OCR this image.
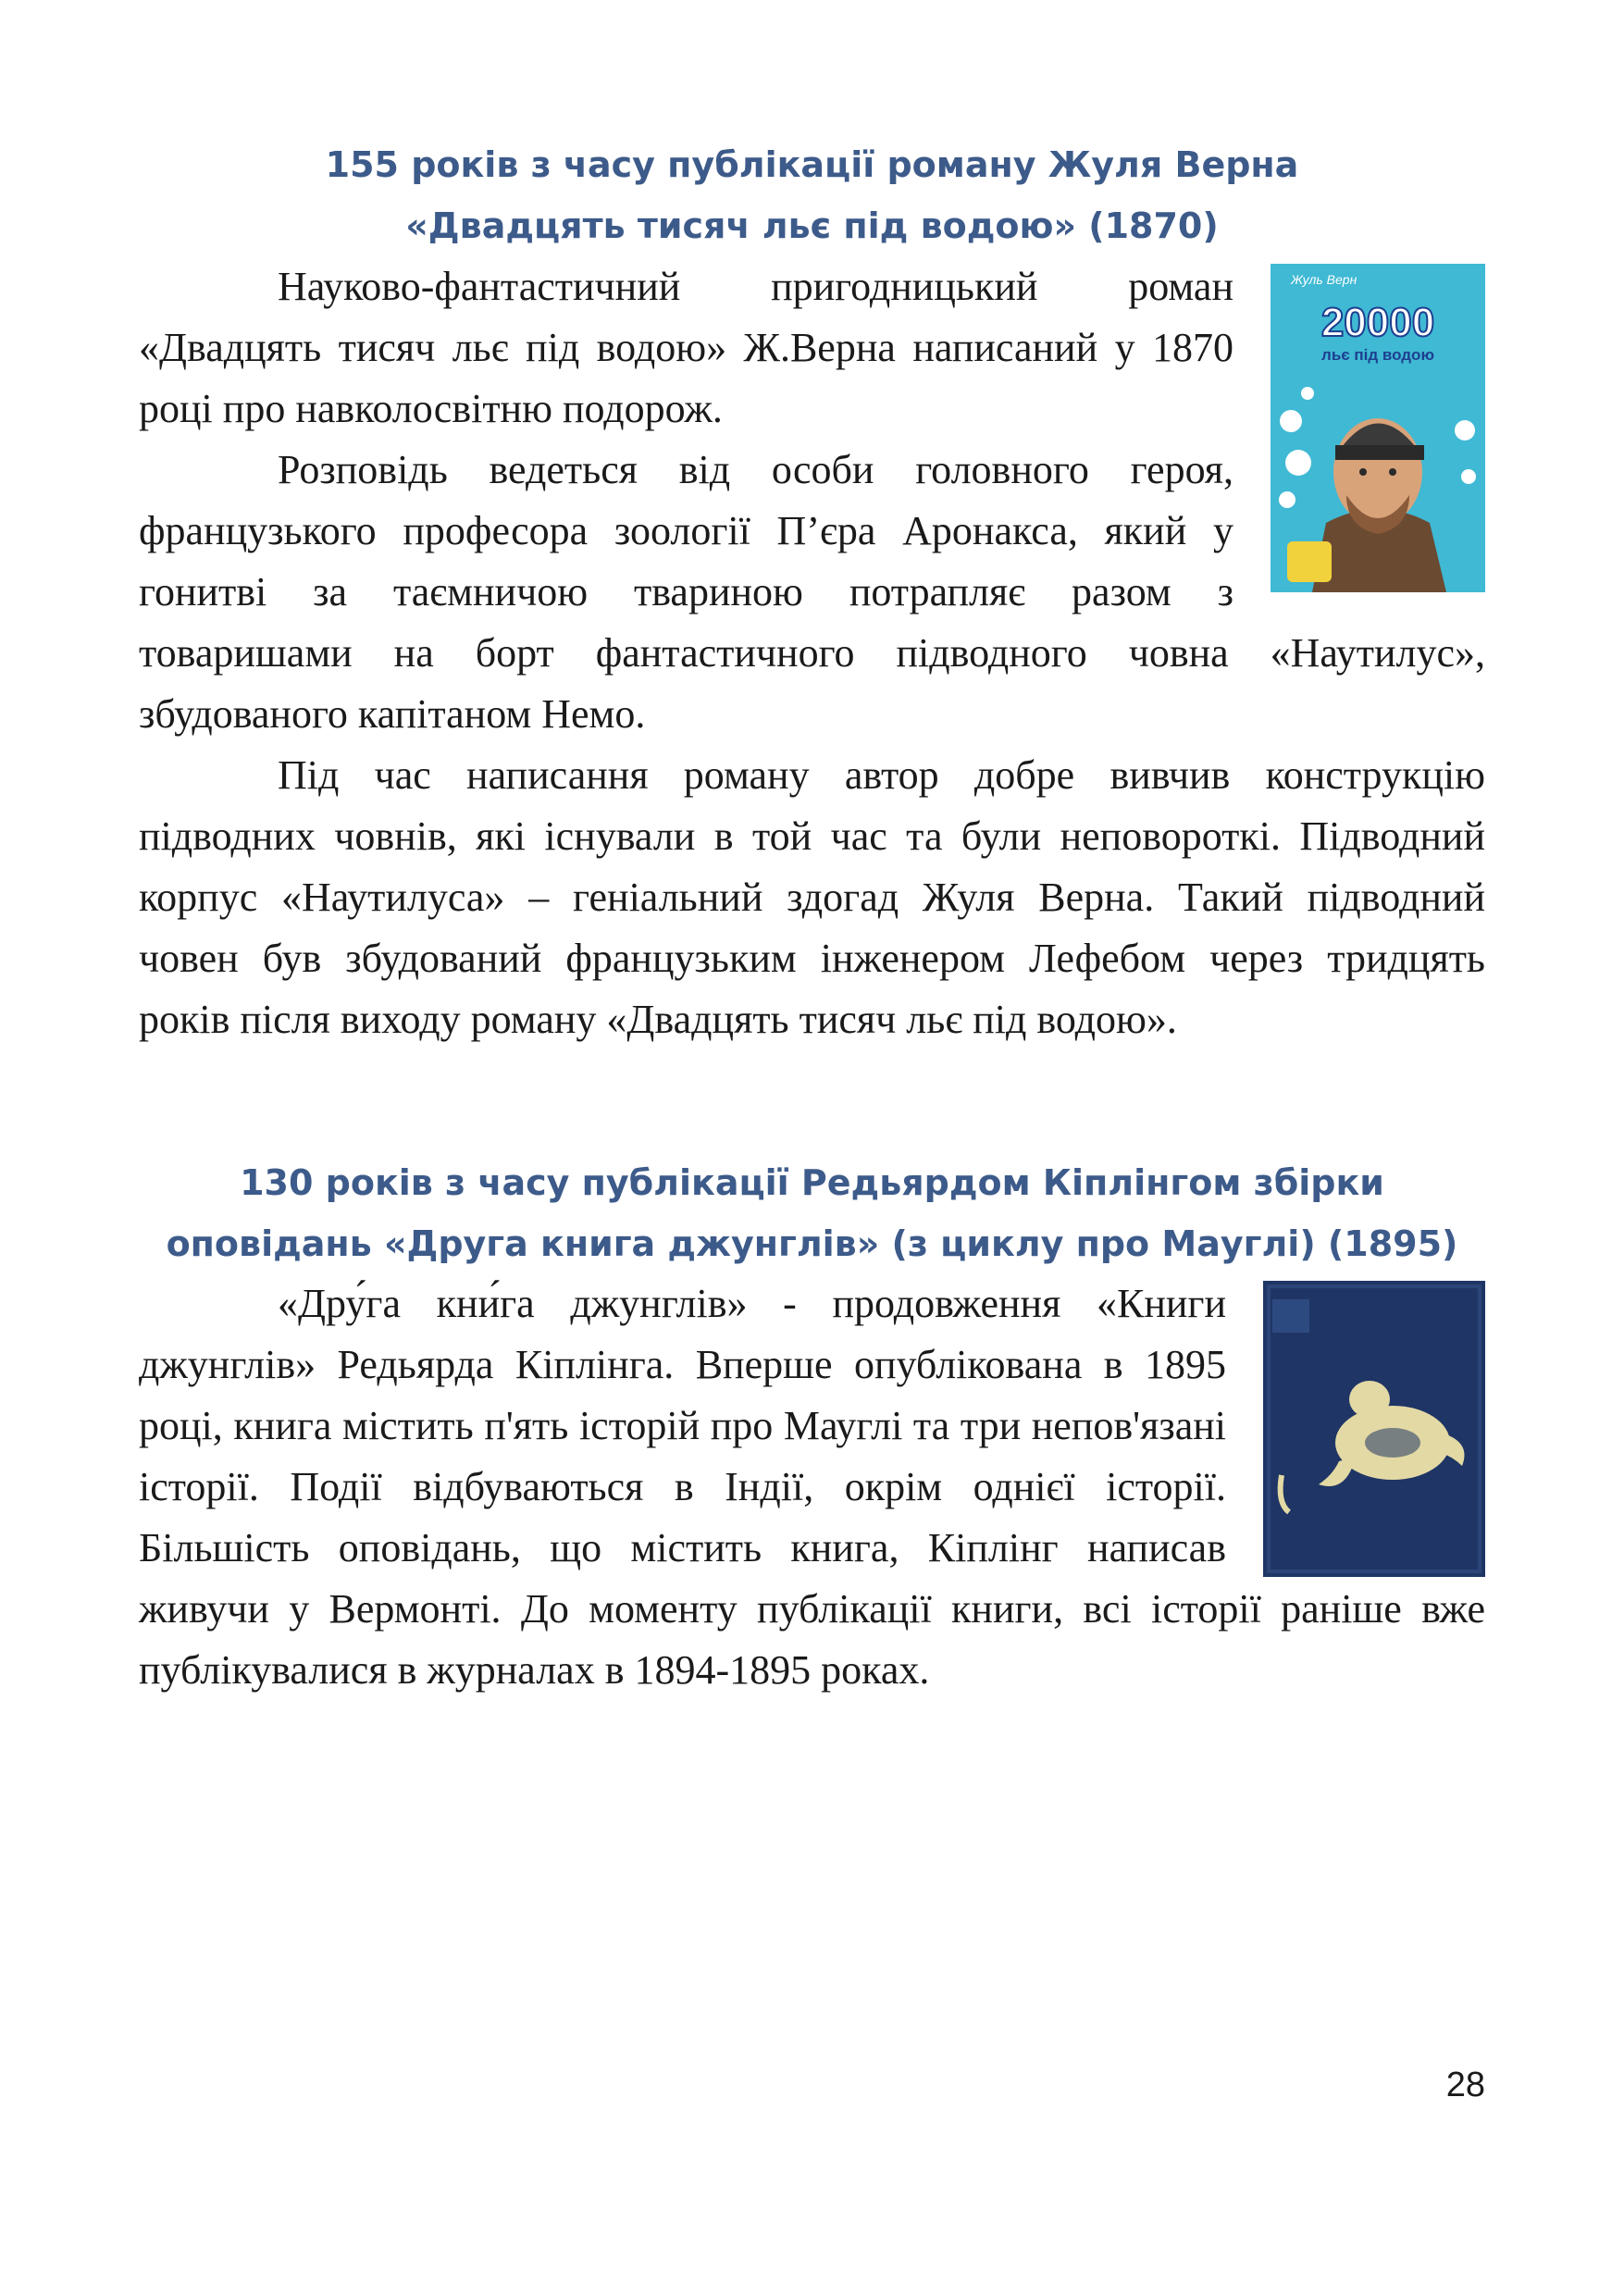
155 років з часу публікації роману Жуля Верна
«Двадцять тисяч льє під водою» (1870)
Жуль Верн
20000
льє під водою

Науково-фантастичний пригодницький роман «Двадцять тисяч льє під водою» Ж.Верна написаний у 1870 році про навколосвітню подорож.

Розповідь ведеться від особи головного героя, французького професора зоології П’єра Аронакса, який у гонитві за таємничою твариною потрапляє разом з товаришами на борт фантастичного підводного човна «Наутилус», збудованого капітаном Немо.

Під час написання роману автор добре вивчив конструкцію підводних човнів, які існували в той час та були неповороткі. Підводний корпус «Наутилуса» – геніальний здогад Жуля Верна. Такий підводний човен був збудований французьким інженером Лефебом через тридцять років після виходу роману «Двадцять тисяч льє під водою».

130 років з часу публікації Редьярдом Кіплінгом збірки
оповідань «Друга книга джунглів» (з циклу про Мауглі) (1895)

«Дру́га кни́га джунглів» - продовження «Книги джунглів» Редьярда Кіплінга. Вперше опублікована в 1895 році, книга містить п'ять історій про Мауглі та три непов'язані історії. Події відбуваються в Індії, окрім однієї історії. Більшість оповідань, що містить книга, Кіплінг написав живучи у Вермонті. До моменту публікації книги, всі історії раніше вже публікувалися в журналах в 1894-1895 роках.

28
